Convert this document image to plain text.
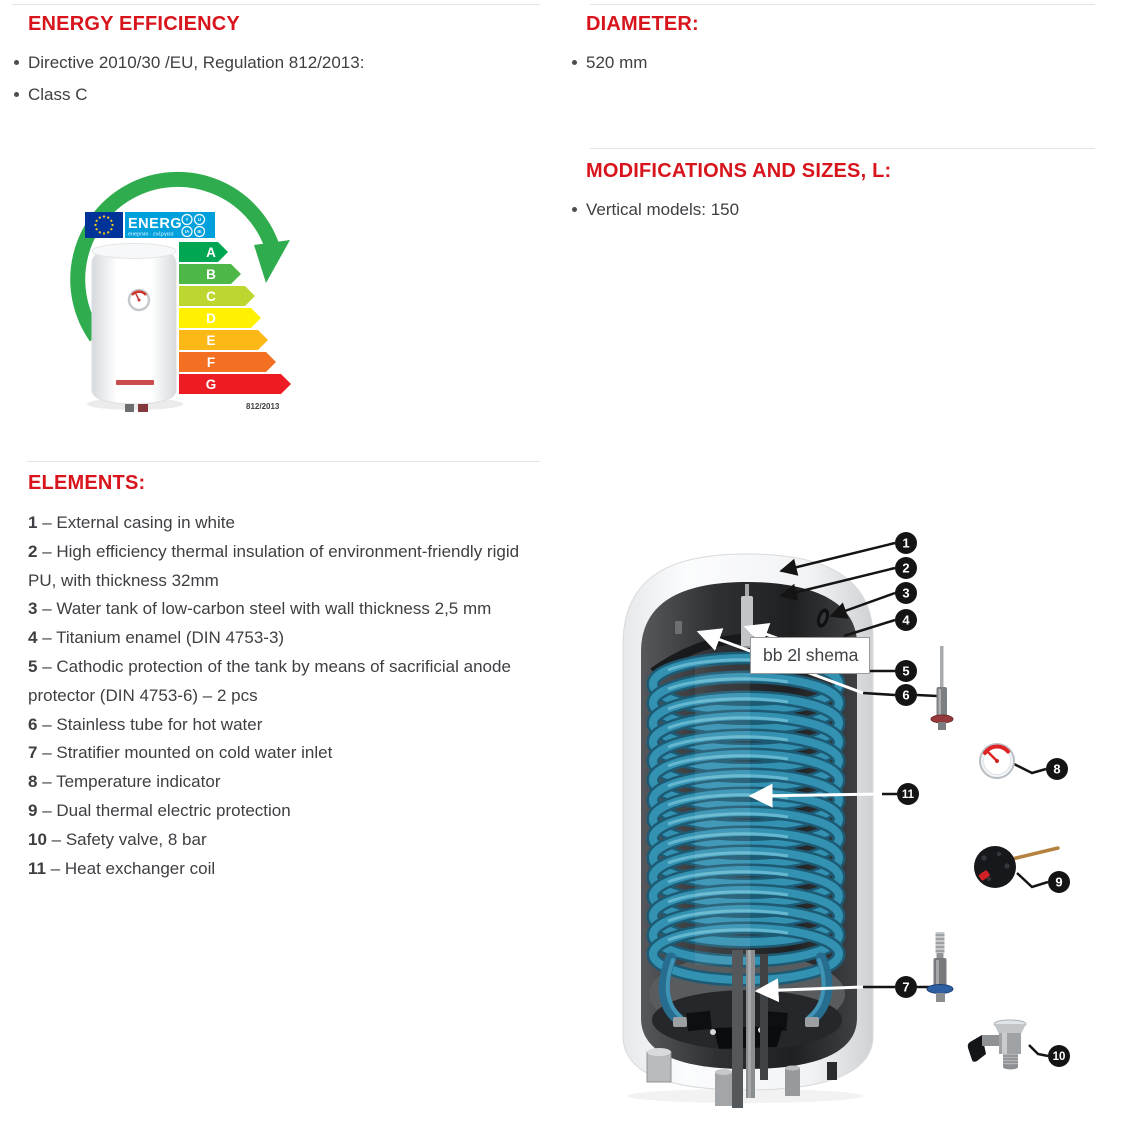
ENERGY EFFICIENCY
Directive 2010/30 /EU, Regulation 812/2013:
Class C
A
B
C
D
E
F
G
ENERG
енергия · ενέργεια
Y IJ
IA IE
812/2013
ELEMENTS:
1 – External casing in white
2 – High efficiency thermal insulation of environment-friendly rigid PU, with thickness 32mm
3 – Water tank of low-carbon steel with wall thickness 2,5 mm
4 – Titanium enamel (DIN 4753-3)
5 – Cathodic protection of the tank by means of sacrificial anode protector (DIN 4753-6) – 2 pcs
6 – Stainless tube for hot water
7 – Stratifier mounted on cold water inlet
8 – Temperature indicator
9 – Dual thermal electric protection
10 – Safety valve, 8 bar
11 – Heat exchanger coil
DIAMETER:
520 mm
MODIFICATIONS AND SIZES, L:
Vertical models: 150
1
2
3
4
5
6
7
8
9
10
11
bb 2l shema
